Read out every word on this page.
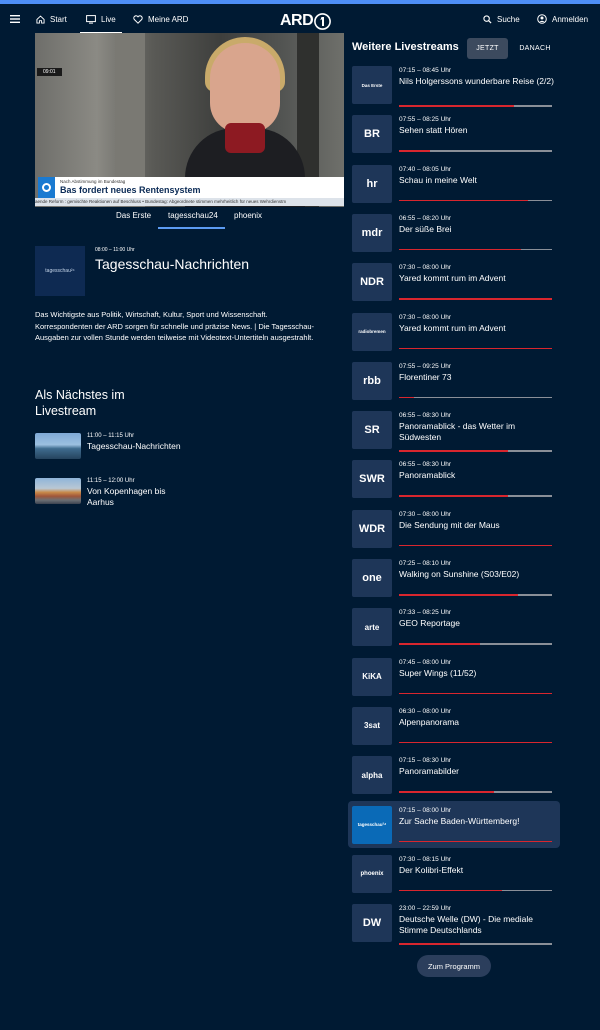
Start	Live	Meine ARD	ARD	Suche	Anmelden
09:01
Nach Abstimmung im Bundestag
Bas fordert neues Rentensystem
aende Reform : gemischte Reaktionen auf Beschluss • Bundestag: Abgeordnete stimmen mehrheitlich für neues Wehrdienstm
Das Erste tagesschau24 phoenix
tagesschau²⁴
08:00 – 11:00 Uhr
Tagesschau-Nachrichten
Das Wichtigste aus Politik, Wirtschaft, Kultur, Sport und Wissenschaft. Korrespondenten der ARD sorgen für schnelle und präzise News. | Die Tagesschau-Ausgaben zur vollen Stunde werden teilweise mit Videotext-Untertiteln ausgestrahlt.
Als Nächstes im Livestream
11:00 – 11:15 Uhr
Tagesschau-Nachrichten
11:15 – 12:00 Uhr
Von Kopenhagen bis Aarhus
Weitere Livestreams	JETZT	DANACH
Das Erste
07:15 – 08:45 Uhr
Nils Holgerssons wunderbare Reise (2/2)
BR
07:55 – 08:25 Uhr
Sehen statt Hören
hr
07:40 – 08:05 Uhr
Schau in meine Welt
mdr
06:55 – 08:20 Uhr
Der süße Brei
NDR
07:30 – 08:00 Uhr
Yared kommt rum im Advent
radiobremen
07:30 – 08:00 Uhr
Yared kommt rum im Advent
rbb
07:55 – 09:25 Uhr
Florentiner 73
SR
06:55 – 08:30 Uhr
Panoramablick - das Wetter im Südwesten
SWR
06:55 – 08:30 Uhr
Panoramablick
WDR
07:30 – 08:00 Uhr
Die Sendung mit der Maus
one
07:25 – 08:10 Uhr
Walking on Sunshine (S03/E02)
arte
07:33 – 08:25 Uhr
GEO Reportage
KiKA
07:45 – 08:00 Uhr
Super Wings (11/52)
3sat
06:30 – 08:00 Uhr
Alpenpanorama
alpha
07:15 – 08:30 Uhr
Panoramabilder
tagesschau²⁴
07:15 – 08:00 Uhr
Zur Sache Baden-Württemberg!
phoenix
07:30 – 08:15 Uhr
Der Kolibri-Effekt
DW
23:00 – 22:59 Uhr
Deutsche Welle (DW) - Die mediale Stimme Deutschlands
Zum Programm
